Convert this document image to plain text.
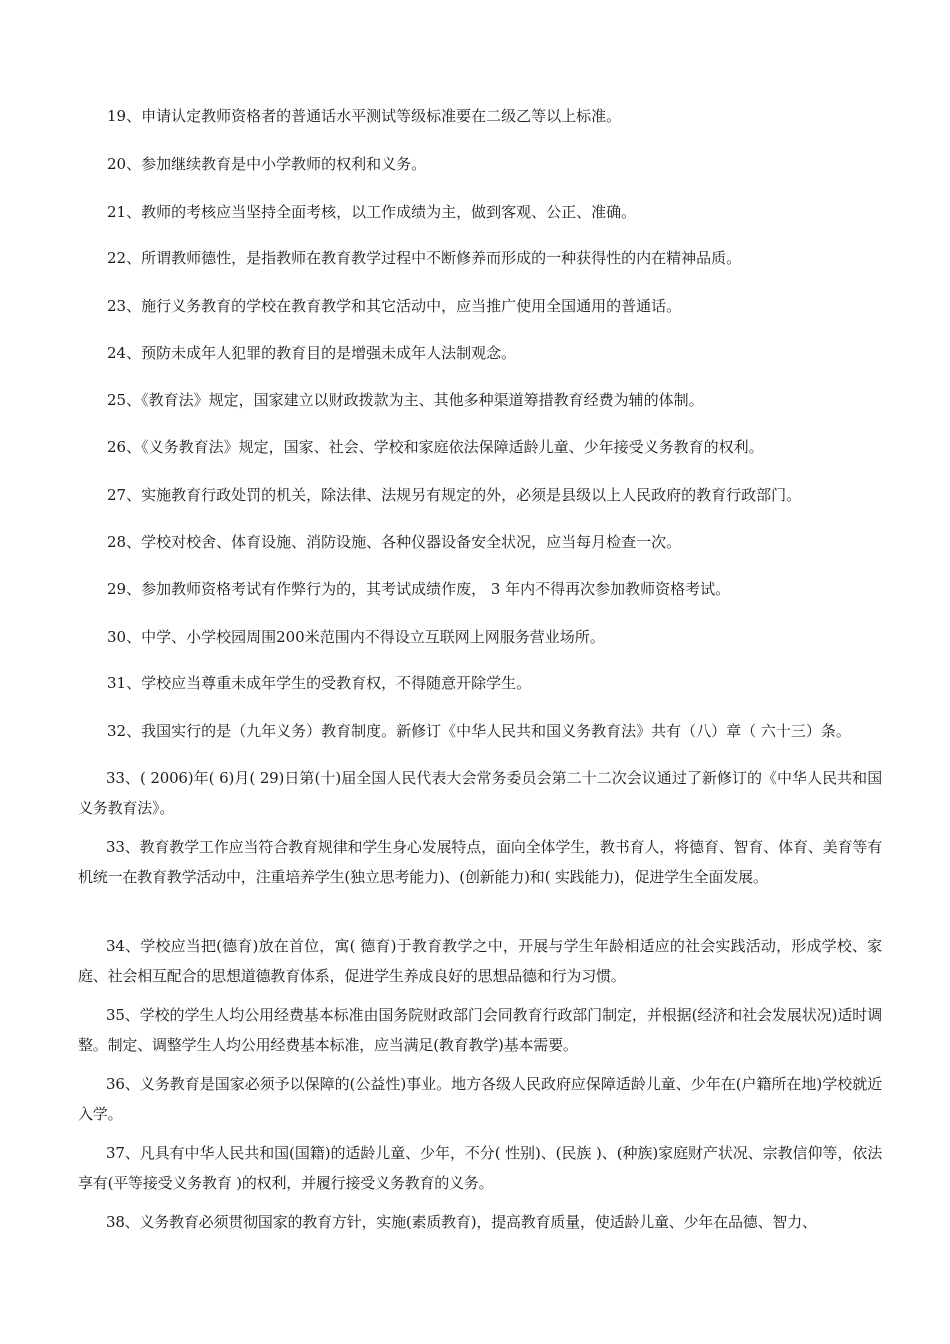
19、申请认定教师资格者的普通话水平测试等级标准要在二级乙等以上标准。
20、参加继续教育是中小学教师的权利和义务。
21、教师的考核应当坚持全面考核，以工作成绩为主，做到客观、公正、准确。
22、所谓教师德性，是指教师在教育教学过程中不断修养而形成的一种获得性的内在精神品质。
23、施行义务教育的学校在教育教学和其它活动中，应当推广使用全国通用的普通话。
24、预防未成年人犯罪的教育目的是增强未成年人法制观念。
25、《教育法》规定，国家建立以财政拨款为主、其他多种渠道筹措教育经费为辅的体制。
26、《义务教育法》规定，国家、社会、学校和家庭依法保障适龄儿童、少年接受义务教育的权利。
27、实施教育行政处罚的机关，除法律、法规另有规定的外，必须是县级以上人民政府的教育行政部门。
28、学校对校舍、体育设施、消防设施、各种仪器设备安全状况，应当每月检查一次。
29、参加教师资格考试有作弊行为的，其考试成绩作废， 3 年内不得再次参加教师资格考试。
30、中学、小学校园周围200米范围内不得设立互联网上网服务营业场所。
31、学校应当尊重未成年学生的受教育权，不得随意开除学生。
32、我国实行的是（九年义务）教育制度。新修订《中华人民共和国义务教育法》共有（八）章（ 六十三）条。
33、( 2006)年( 6)月( 29)日第(十)届全国人民代表大会常务委员会第二十二次会议通过了新修订的《中华人民共和国义务教育法》。
33、教育教学工作应当符合教育规律和学生身心发展特点，面向全体学生，教书育人，将德育、智育、体育、美育等有机统一在教育教学活动中，注重培养学生(独立思考能力)、(创新能力)和( 实践能力)，促进学生全面发展。
34、学校应当把(德育)放在首位，寓( 德育)于教育教学之中，开展与学生年龄相适应的社会实践活动，形成学校、家庭、社会相互配合的思想道德教育体系，促进学生养成良好的思想品德和行为习惯。
35、学校的学生人均公用经费基本标准由国务院财政部门会同教育行政部门制定，并根据(经济和社会发展状况)适时调整。制定、调整学生人均公用经费基本标准，应当满足(教育教学)基本需要。
36、义务教育是国家必须予以保障的(公益性)事业。地方各级人民政府应保障适龄儿童、少年在(户籍所在地)学校就近入学。
37、凡具有中华人民共和国(国籍)的适龄儿童、少年，不分( 性别)、(民族 )、(种族)家庭财产状况、宗教信仰等，依法享有(平等接受义务教育 )的权利，并履行接受义务教育的义务。
38、义务教育必须贯彻国家的教育方针，实施(素质教育)，提高教育质量，使适龄儿童、少年在品德、智力、
